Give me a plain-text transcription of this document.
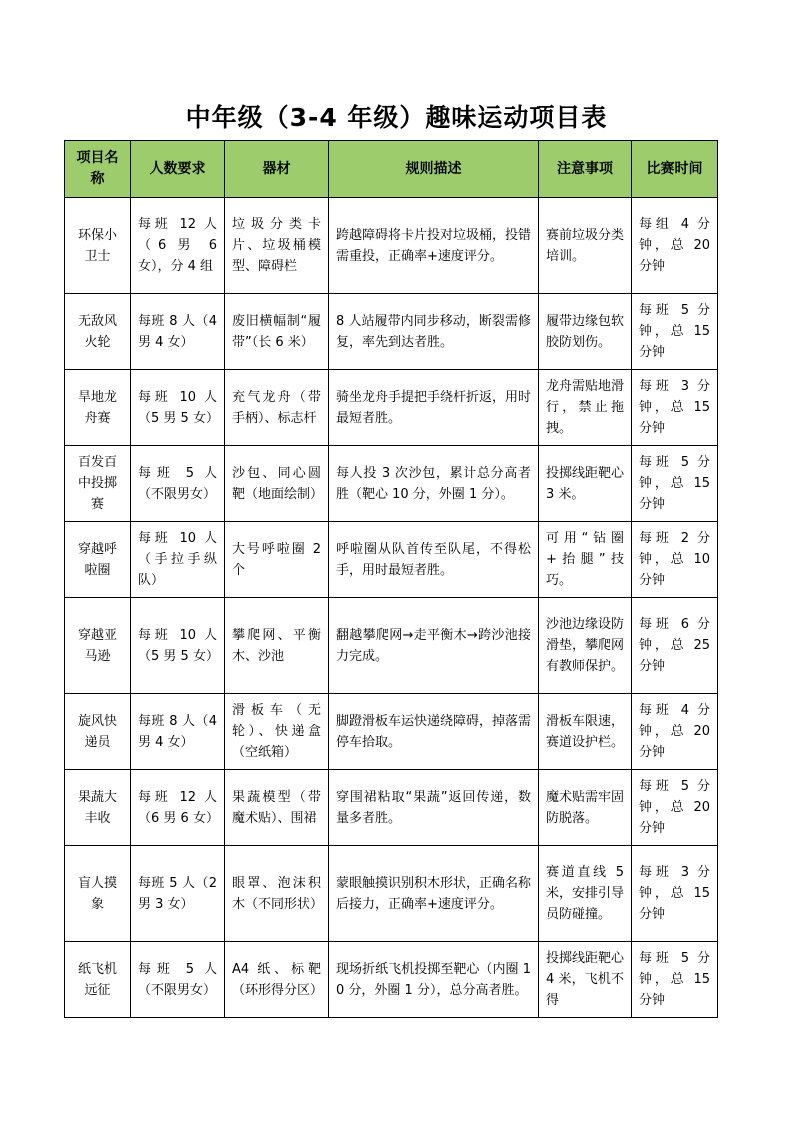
中年级（3-4 年级）趣味运动项目表
项目名称	人数要求	器材	规则描述	注意事项	比赛时间
环保小卫士	每班 12 人（6 男 6 女），分 4 组	垃圾分类卡片、垃圾桶模型、障碍栏	跨越障碍将卡片投对垃圾桶，投错需重投，正确率+速度评分。	赛前垃圾分类培训。	每组 4 分钟，总 20 分钟
无敌风火轮	每班 8 人（4 男 4 女）	废旧横幅制“履带”（长 6 米）	8 人站履带内同步移动，断裂需修复，率先到达者胜。	履带边缘包软胶防划伤。	每班 5 分钟，总 15 分钟
旱地龙舟赛	每班 10 人（5 男 5 女）	充气龙舟（带手柄）、标志杆	骑坐龙舟手提把手绕杆折返，用时最短者胜。	龙舟需贴地滑行，禁止拖拽。	每班 3 分钟，总 15 分钟
百发百中投掷赛	每班 5 人（不限男女）	沙包、同心圆靶（地面绘制）	每人投 3 次沙包，累计总分高者胜（靶心 10 分，外圈 1 分）。	投掷线距靶心 3 米。	每班 5 分钟，总 15 分钟
穿越呼啦圈	每班 10 人（手拉手纵队）	大号呼啦圈 2 个	呼啦圈从队首传至队尾，不得松手，用时最短者胜。	可用“钻圈+抬腿”技巧。	每班 2 分钟，总 10 分钟
穿越亚马逊	每班 10 人（5 男 5 女）	攀爬网、平衡木、沙池	翻越攀爬网→走平衡木→跨沙池接力完成。	沙池边缘设防滑垫，攀爬网有教师保护。	每班 6 分钟，总 25 分钟
旋风快递员	每班 8 人（4 男 4 女）	滑板车（无轮）、快递盒（空纸箱）	脚蹬滑板车运快递绕障碍，掉落需停车拾取。	滑板车限速，赛道设护栏。	每班 4 分钟，总 20 分钟
果蔬大丰收	每班 12 人（6 男 6 女）	果蔬模型（带魔术贴）、围裙	穿围裙粘取“果蔬”返回传递，数量多者胜。	魔术贴需牢固防脱落。	每班 5 分钟，总 20 分钟
盲人摸象	每班 5 人（2 男 3 女）	眼罩、泡沫积木（不同形状）	蒙眼触摸识别积木形状，正确名称后接力，正确率+速度评分。	赛道直线 5 米，安排引导员防碰撞。	每班 3 分钟，总 15 分钟
纸飞机远征	每班 5 人（不限男女）	A4 纸、标靶（环形得分区）	现场折纸飞机投掷至靶心（内圈 10 分，外圈 1 分），总分高者胜。	投掷线距靶心 4 米，飞机不得	每班 5 分钟，总 15 分钟
